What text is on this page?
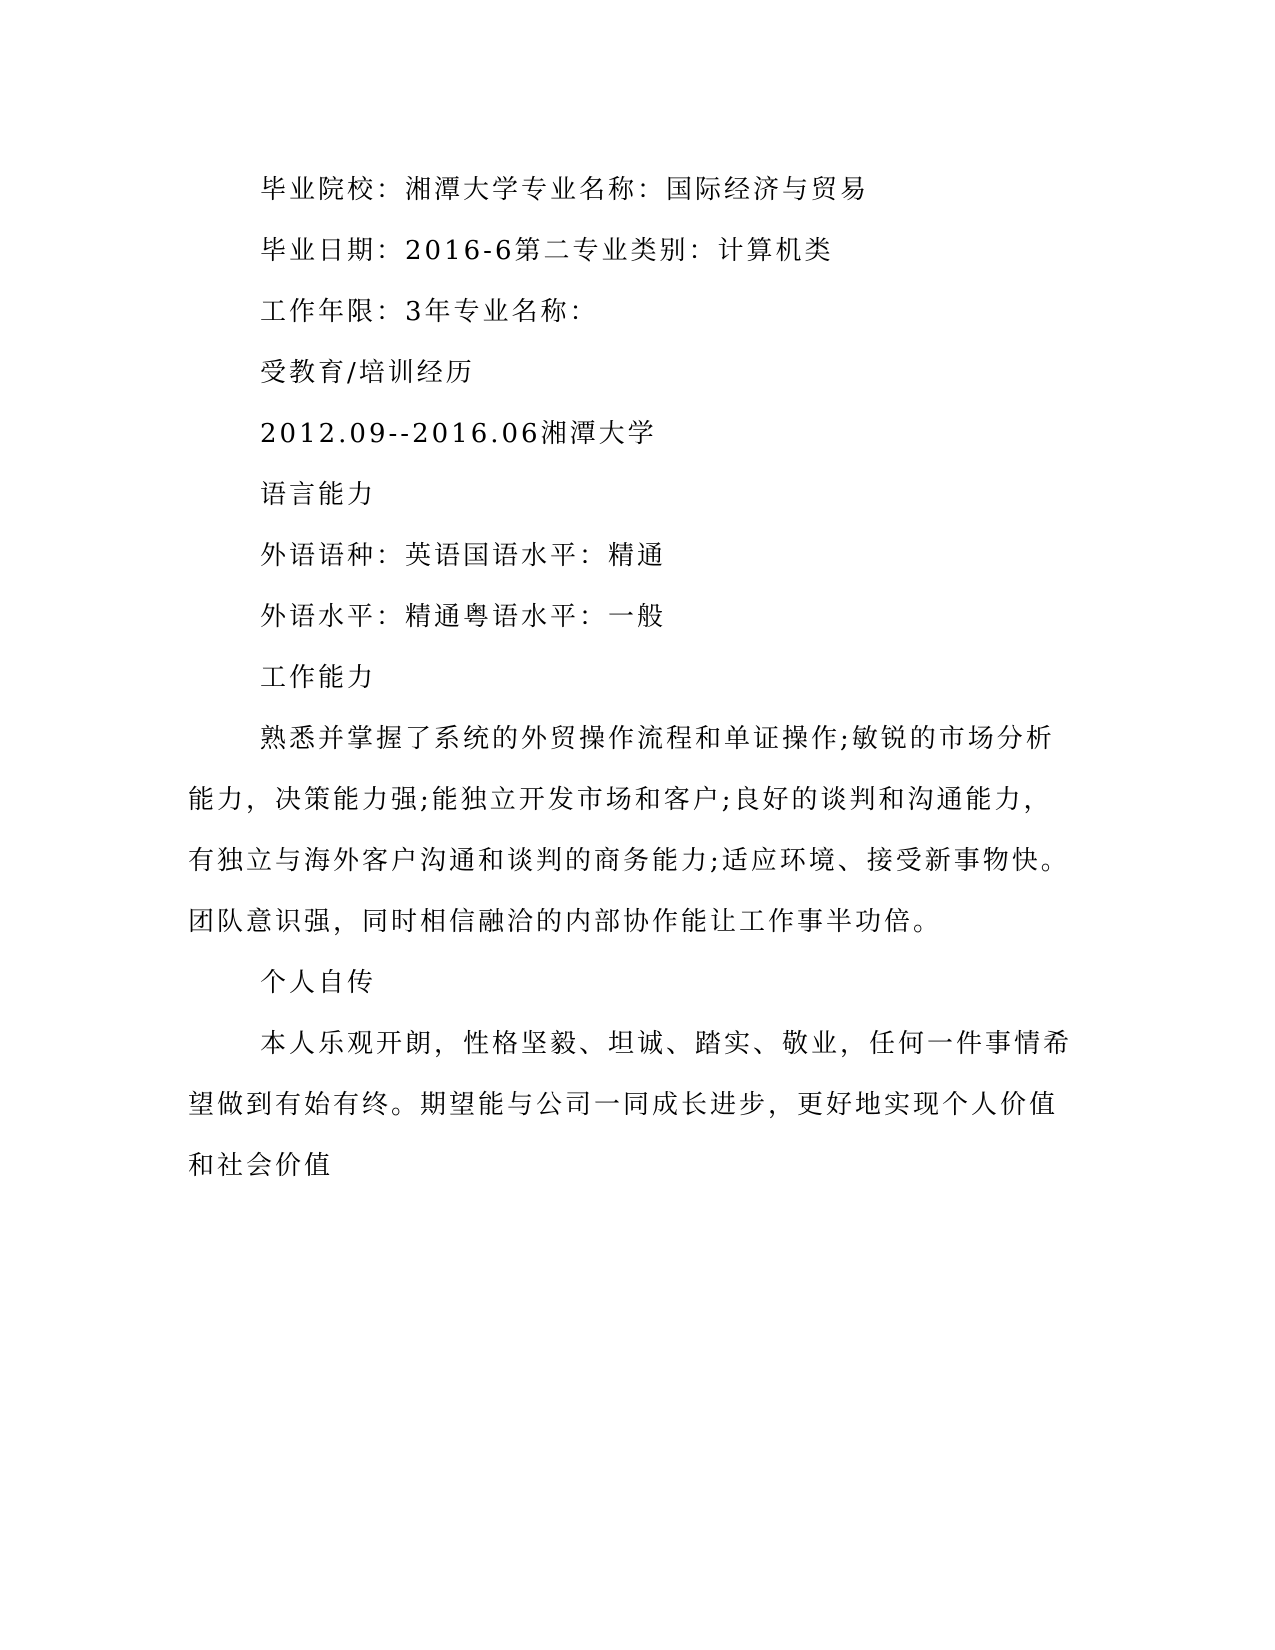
毕业院校：湘潭大学专业名称：国际经济与贸易

毕业日期：2016-6第二专业类别：计算机类

工作年限：3年专业名称：

受教育/培训经历

2012.09--2016.06湘潭大学

语言能力

外语语种：英语国语水平：精通

外语水平：精通粤语水平：一般

工作能力

熟悉并掌握了系统的外贸操作流程和单证操作;敏锐的市场分析能力，决策能力强;能独立开发市场和客户;良好的谈判和沟通能力，有独立与海外客户沟通和谈判的商务能力;适应环境、接受新事物快。团队意识强，同时相信融洽的内部协作能让工作事半功倍。

个人自传

本人乐观开朗，性格坚毅、坦诚、踏实、敬业，任何一件事情希望做到有始有终。期望能与公司一同成长进步，更好地实现个人价值和社会价值
